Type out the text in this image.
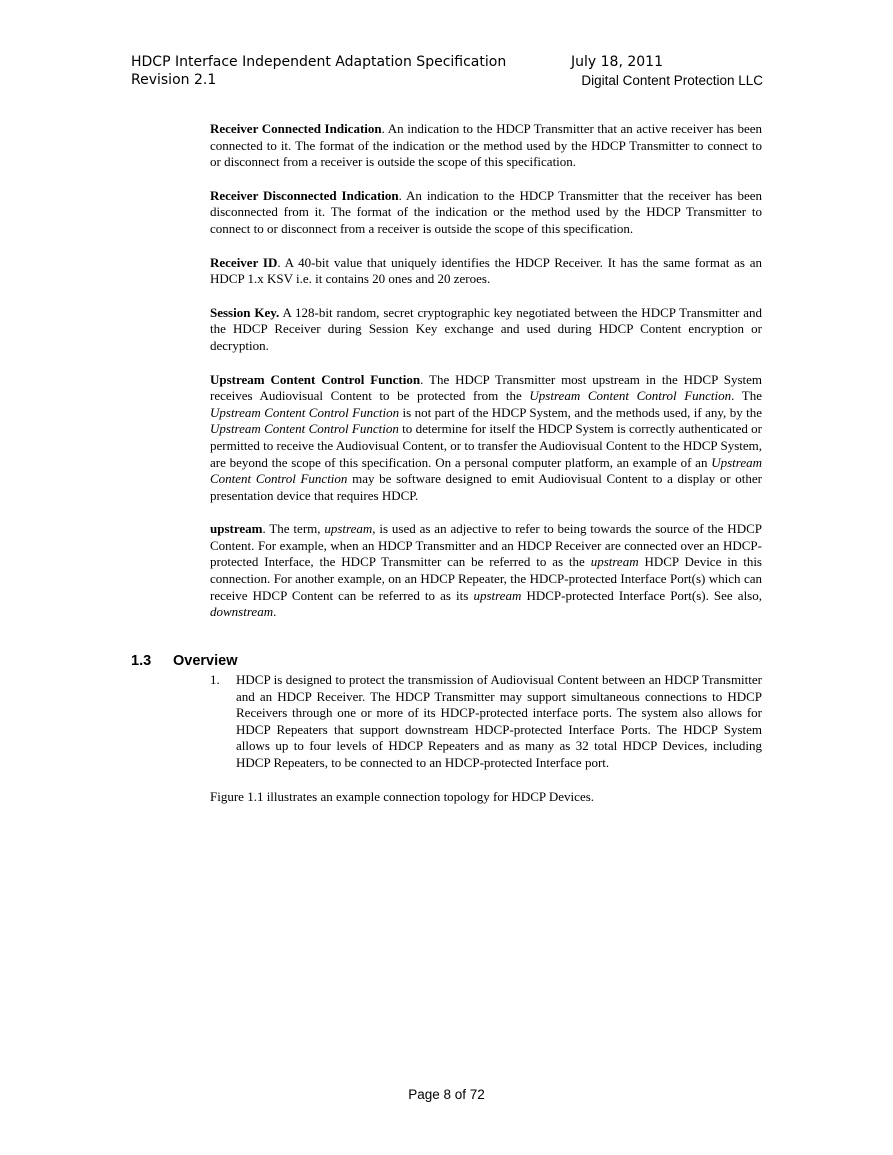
HDCP Interface Independent Adaptation Specification	July 18, 2011
Revision 2.1	Digital Content Protection LLC

Receiver Connected Indication. An indication to the HDCP Transmitter that an active receiver has been connected to it. The format of the indication or the method used by the HDCP Transmitter to connect to or disconnect from a receiver is outside the scope of this specification.

Receiver Disconnected Indication. An indication to the HDCP Transmitter that the receiver has been disconnected from it. The format of the indication or the method used by the HDCP Transmitter to connect to or disconnect from a receiver is outside the scope of this specification.

Receiver ID. A 40-bit value that uniquely identifies the HDCP Receiver. It has the same format as an HDCP 1.x KSV i.e. it contains 20 ones and 20 zeroes.

Session Key. A 128-bit random, secret cryptographic key negotiated between the HDCP Transmitter and the HDCP Receiver during Session Key exchange and used during HDCP Content encryption or decryption.

Upstream Content Control Function. The HDCP Transmitter most upstream in the HDCP System receives Audiovisual Content to be protected from the Upstream Content Control Function. The Upstream Content Control Function is not part of the HDCP System, and the methods used, if any, by the Upstream Content Control Function to determine for itself the HDCP System is correctly authenticated or permitted to receive the Audiovisual Content, or to transfer the Audiovisual Content to the HDCP System, are beyond the scope of this specification. On a personal computer platform, an example of an Upstream Content Control Function may be software designed to emit Audiovisual Content to a display or other presentation device that requires HDCP.

upstream. The term, upstream, is used as an adjective to refer to being towards the source of the HDCP Content. For example, when an HDCP Transmitter and an HDCP Receiver are connected over an HDCP-protected Interface, the HDCP Transmitter can be referred to as the upstream HDCP Device in this connection. For another example, on an HDCP Repeater, the HDCP-protected Interface Port(s) which can receive HDCP Content can be referred to as its upstream HDCP-protected Interface Port(s). See also, downstream.

1.3 Overview
1. HDCP is designed to protect the transmission of Audiovisual Content between an HDCP Transmitter and an HDCP Receiver. The HDCP Transmitter may support simultaneous connections to HDCP Receivers through one or more of its HDCP-protected interface ports. The system also allows for HDCP Repeaters that support downstream HDCP-protected Interface Ports. The HDCP System allows up to four levels of HDCP Repeaters and as many as 32 total HDCP Devices, including HDCP Repeaters, to be connected to an HDCP-protected Interface port.

Figure 1.1 illustrates an example connection topology for HDCP Devices.

Page 8 of 72
